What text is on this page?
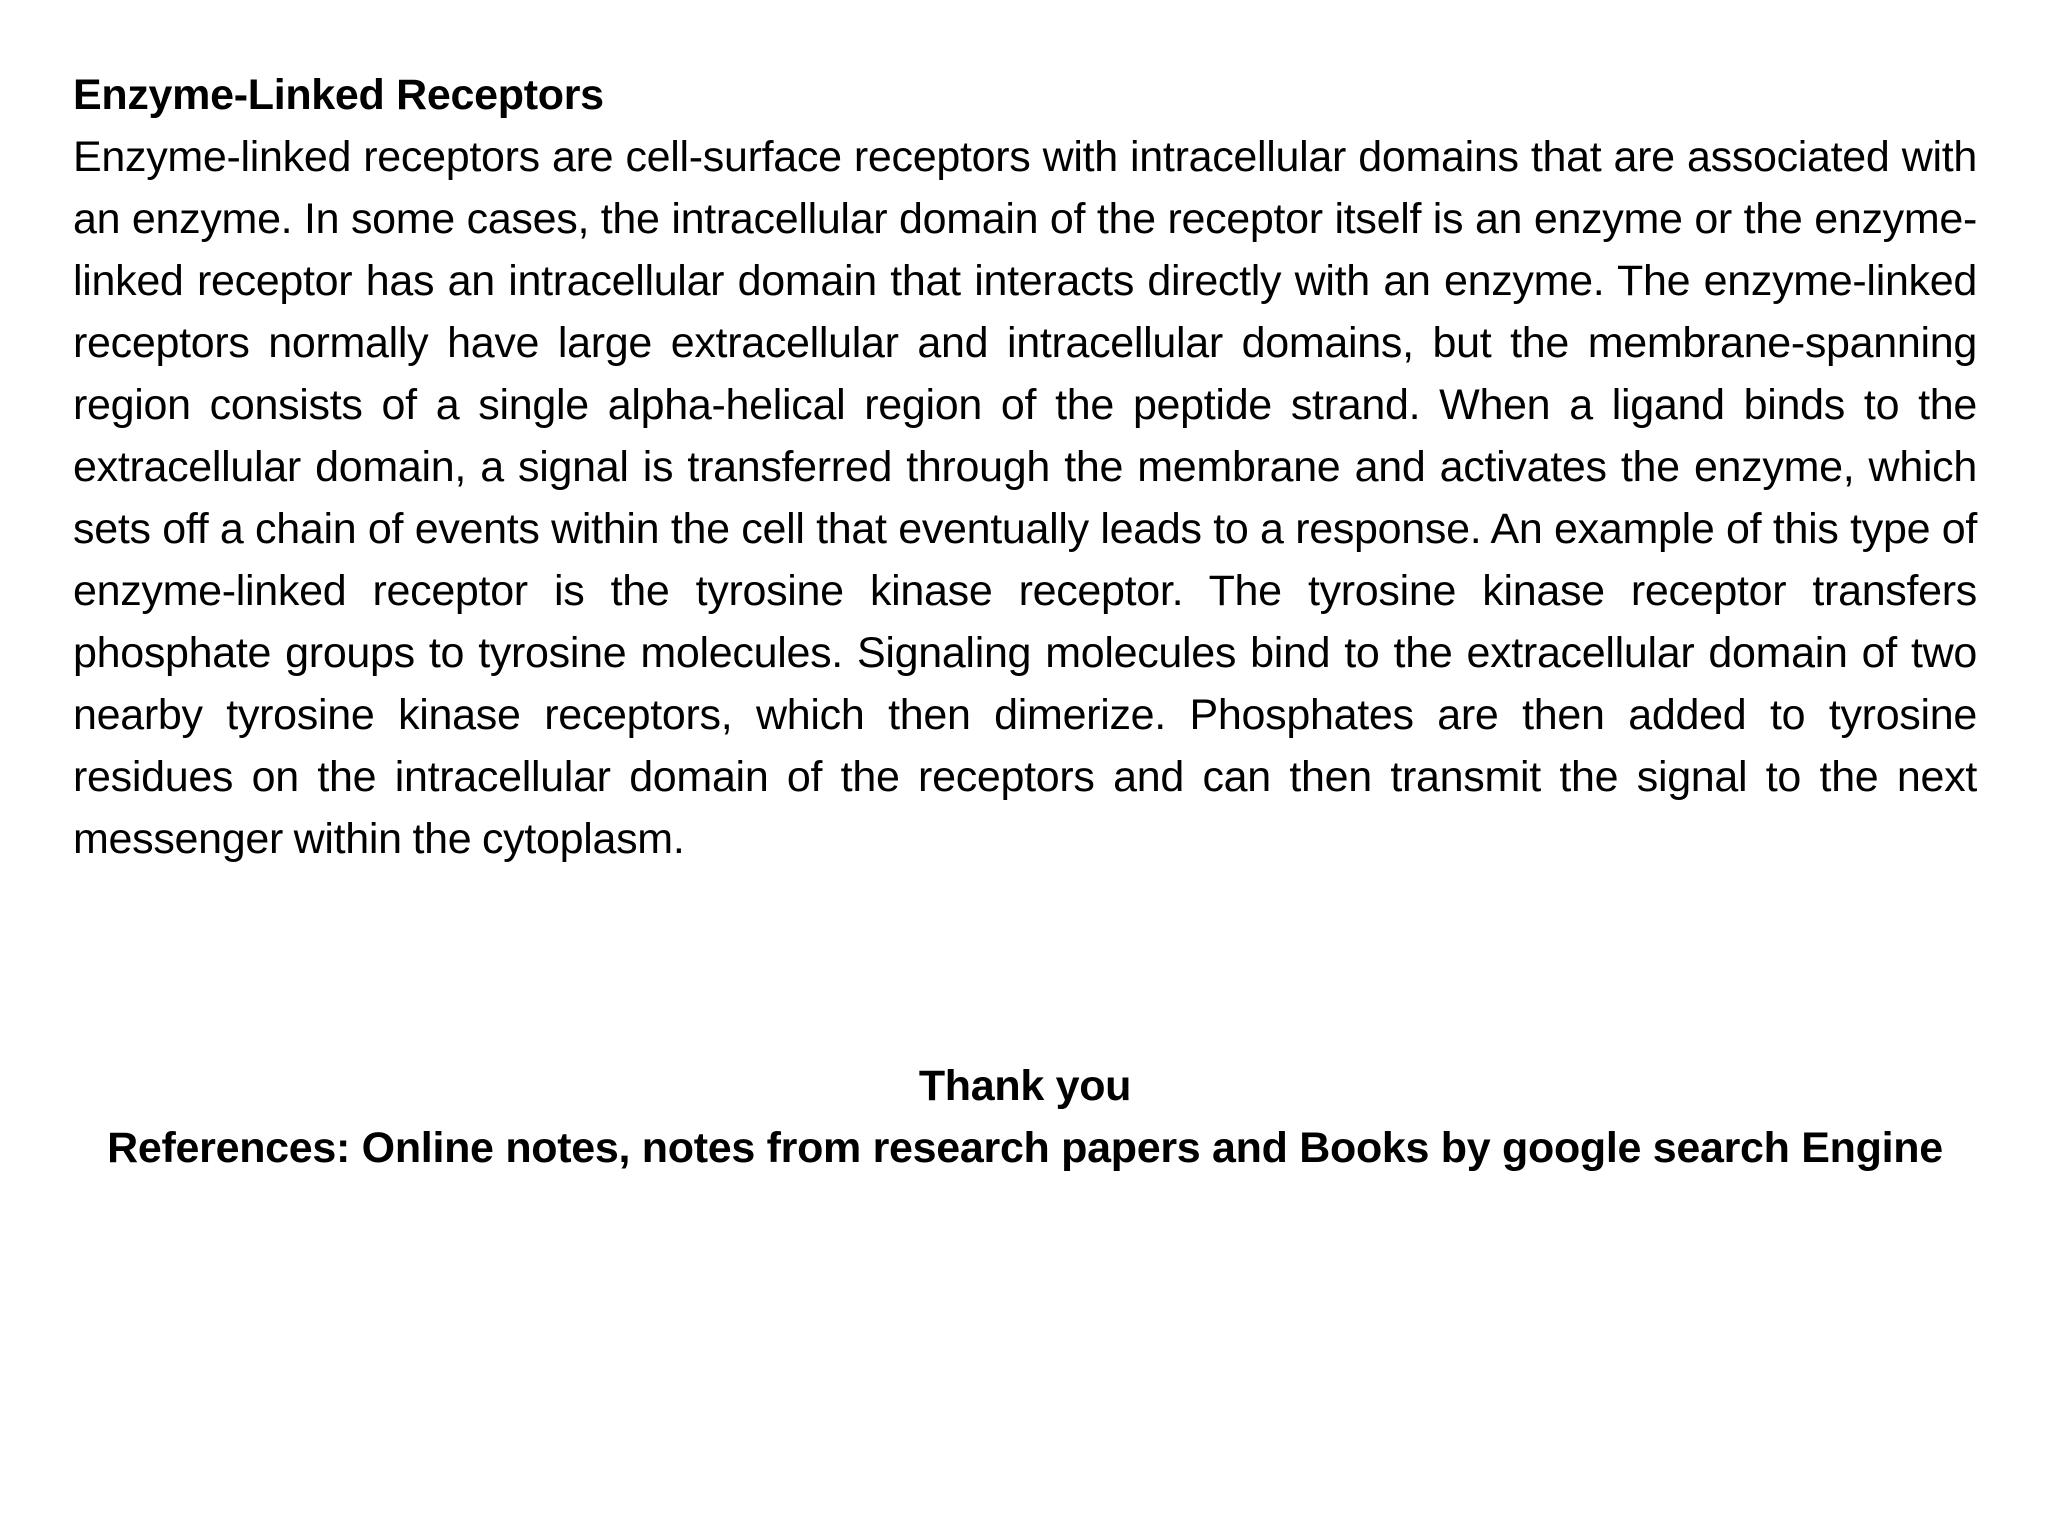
Enzyme-Linked Receptors

Enzyme-linked receptors are cell-surface receptors with intracellular domains that are associated with an enzyme. In some cases, the intracellular domain of the receptor itself is an enzyme or the enzyme-linked receptor has an intracellular domain that interacts directly with an enzyme. The enzyme-linked receptors normally have large extracellular and intracellular domains, but the membrane-spanning region consists of a single alpha-helical region of the peptide strand. When a ligand binds to the extracellular domain, a signal is transferred through the membrane and activates the enzyme, which sets off a chain of events within the cell that eventually leads to a response. An example of this type of enzyme-linked receptor is the tyrosine kinase receptor. The tyrosine kinase receptor transfers phosphate groups to tyrosine molecules. Signaling molecules bind to the extracellular domain of two nearby tyrosine kinase receptors, which then dimerize. Phosphates are then added to tyrosine residues on the intracellular domain of the receptors and can then transmit the signal to the next messenger within the cytoplasm.

Thank you

References: Online notes, notes from research papers and Books by google search Engine
